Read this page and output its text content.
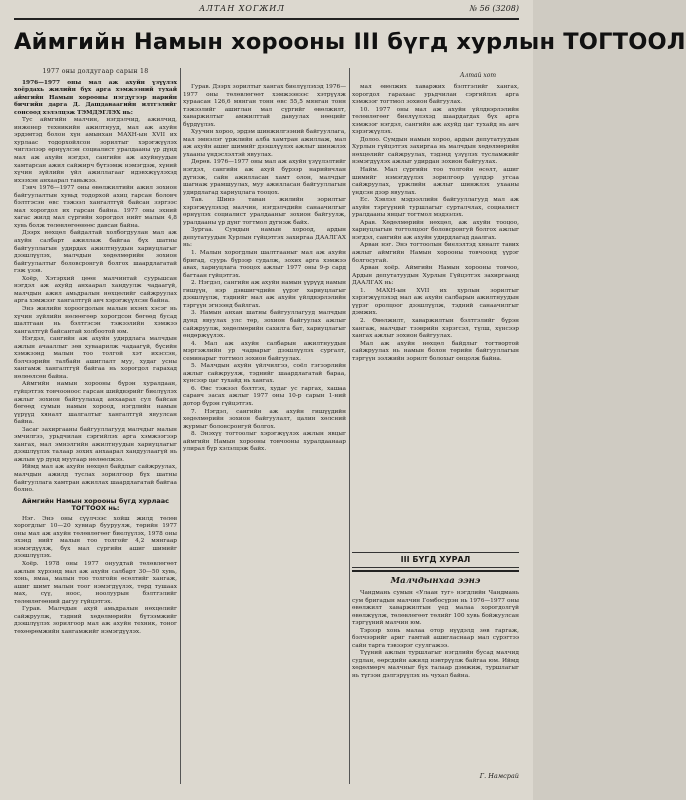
АЛТАН ХОГЖИЛ	№ 56 (3208)
Аймгийн Намын хорооны III бүгд хурлын ТОГТООЛ
Алтай хот
1977 оны долдугаар сарын 18

1976—1977 оны мал аж ахуйн үзүүлэх хоёрдахь жилийн бүх арга хэмжээний тухай аймгийн Намын хорооны нэгдүгээр нарийн бичгийн дарга Д. Дашдаваагийн илтгэлийг сонсоод хэлэлцэж ТЭМДЭГЛЭХ нь:

Тус аймгийн малчин, нэгдэлчид, ажилчид, инженер техникийн ажилтнууд, мал аж ахуйн эрдэмтэд болон хүн амынхан МАХН-ын XVII их хурлаас тодорхойлсон зорилтыг хэрэгжүүлэх чиглэлээр өрнүүлсэн социалист уралдааны үр дүнд мал аж ахуйн нэгдэл, сангийн аж ахуйнуудын хамтарсан ажил сайжирч бүтээмж нэмэгдэж, хүний хүчин зүйлийн үйл ажиллагааг идэвхжүүлэхэд ихээхэн анхаарал тавьжээ.

Гэвч 1976—1977 оны өвөлжилтийн ажил зохион байгуулалтын хувьд тодорхой ахиц гарсан боловч бэлтгэсэн өвс тэжээл хангалтгүй байсан зэргээс мал хорогдол их гарсан байна. 1977 оны эхний хагас жилд мал сүргийн хорогдол нийт малын 4,8 хувь болж төлөвлөгөөнөөс давсан байна.

Дээрх нөхцөл байдалтай холбогдуулан мал аж ахуйн салбарт ажиллаж байгаа бүх шатны байгууллагын удирдах ажилтнуудын хариуцлагыг дээшлүүлэх, малчдын хөдөлмөрийн зохион байгуулалтыг боловсронгуй болгох шаардлагатай гэж үзэв.

Хоёр, Хэтэрхий цөөн малчинтай суурьшсан нэгдэл аж ахуйд анхаарал хандуулж чадаагүй, малчдын ажил амьдралын нөхцөлийг сайжруулах арга хэмжээг хангалтгүй авч хэрэгжүүлсэн байна.

Энэ жилийн хороогдолын малын ихэнх хэсэг нь хүчин зүйлийн нөлөөгөөр хорогдсон бөгөөд бусад шалтгаан нь бэлтгэсэн тэжээлийн хэмжээ хангалтгүй байсантай холбоотой юм.

Нэгдэл, сангийн аж ахуйн удирдлага малчдын ажлын ачааллыг зөв хуваарилж чадаагүй, бүсийн хэмжээнд малын тоо толгой хэт ихэссэн, бэлчээрийн талбайн ашиглалт муу, худаг усны хангамж хангалтгүй байгаа нь хорогдол гарахад нөлөөлсөн байна.

Аймгийн намын хорооны бүрэн хуралдаан, гүйцэтгэх товчооноос гарсан шийдвэрийг биелүүлэх ажлыг зохион байгуулахад анхаарал сул байсан бөгөөд сумын намын хороод, нэгдлийн намын үүрүүд хяналт шалгалтыг хангалтгүй явуулсан байна.

Засаг захиргааны байгууллагууд малчдыг малын эмчилгээ, урьдчилан сэргийлэх арга хэмжээгээр хангах, мал эмнэлгийн ажилтнуудын хариуцлагыг дээшлүүлэх талаар зохих анхаарал хандуулаагүй нь ажлын үр дүнд муугаар нөлөөлжээ.

Иймд мал аж ахуйн нөхцөл байдлыг сайжруулах, малчдын ажилд туслах зорилгоор бүх шатны байгууллага хамтран ажиллах шаардлагатай байгаа болно.

Аймгийн Намын хорооны бүгд хурлаас ТОГТООХ нь:

Нэг. Энэ оны сүүлчээс хойш жилд төлөв хорогдлыг 10—20 хувиар бууруулж, төрийн 1977 оны мал аж ахуйн төлөвлөгөөг биелүүлэх, 1978 оны эхэнд нийт малын тоо толгойг 4,2 мянгаар нэмэгдүүлж, бүх мал сүргийн ашиг шимийг дээшлүүлэх.

Хоёр. 1978 оны 1977 онуудтай төлөвлөгөөт ажлын хүрээнд мал аж ахуйн салбарт 30—50 хувь, хонь, ямаа, малын тоо толгойн өсөлтийг хангаж, ашиг шимт малын тоог нэмэгдүүлэх, төрд тушаах мах, сүү, ноос, ноолуурын бэлтгэлийг төлөвлөгөөний дагуу гүйцэтгэх.

Гурав. Малчдын ахуй амьдралын нөхцөлийг сайжруулж, тэдний хөдөлмөрийн бүтээмжийг дээшлүүлэх зорилгоор мал аж ахуйн техник, тоног төхөөрөмжийн хангамжийг нэмэгдүүлэх.

Гурав. Дээрх зорилтыг хангах биелүүлэхэд 1976—1977 оны төлөвлөгөөт хэмжээнээс хэтрүүлж хураасан 126,6 мянган тонн өвс 55,5 мянган тонн тэжээлийг ашиглан мал сүргийг өвөлжилт, хаваржилтыг амжилттай давуулах нөөцийг бүрдүүлэх.

Хуучин хороо, эрдэм шинжилгээний байгууллага, мал эмнэлэг үржлийн алба хамтран ажиллаж, мал аж ахуйн ашиг шимийг дээшлүүлэх ажлыг шинжлэх ухааны үндэслэлтэй явуулах.

Дөрөв. 1976—1977 оны мал аж ахуйн үзүүлэлтийг нэгдэл, сангийн аж ахуй бүрээр нарийвчлан дүгнэж, сайн ажилласан хамт олон, малчдыг шагнаж урамшуулах, муу ажилласан байгууллагын удирдлагад хариуцлага тооцох.

Тав. Шинэ таван жилийн зорилтыг хэрэгжүүлэхэд малчин, нэгдэлчдийн санаачилгыг өрнүүлэх социалист уралдааныг зохион байгуулж, уралдааны үр дүнг тогтмол дүгнэж байх.

Зургаа. Сумдын намын хороод, ардын депутатуудын Хурлын гүйцэтгэх захиргаа ДААЛГАХ нь:

1. Малын хорогдлын шалтгааныг мал аж ахуйн бригад, суурь бүрээр судалж, зохих арга хэмжээ авах, хариуцлага тооцох ажлыг 1977 оны 9-р сард багтаан гүйцэтгэх.

2. Нэгдэл, сангийн аж ахуйн намын үүрүүд намын гишүүн, нэр дэвшигчдийн үүрэг хариуцлагыг дээшлүүлж, тэднийг мал аж ахуйн үйлдвэрлэлийн тэргүүн эгнээнд байлгах.

3. Намын анхан шатны байгууллагууд малчдын дунд явуулах улс төр, зохион байгуулах ажлыг сайжруулж, хөдөлмөрийн сахилга бат, хариуцлагыг өндөржүүлэх.

4. Мал аж ахуйн салбарын ажилтнуудын мэргэжлийн ур чадварыг дээшлүүлэх сургалт, семинарыг тогтмол зохион байгуулах.

5. Малчдын ахуйн үйлчилгээ, соёл гэгээрлийн ажлыг сайжруулж, тэднийг шаардлагатай бараа, хүнсээр цаг тухайд нь хангах.

6. Өвс тэжээл бэлтгэх, худаг ус гаргах, хашаа саравч засах ажлыг 1977 оны 10-р сарын 1-ний дотор бүрэн гүйцэтгэх.

7. Нэгдэл, сангийн аж ахуйн гишүүдийн хөдөлмөрийн зохион байгуулалт, цалин хөлсний журмыг боловсронгуй болгох.

8. Энэхүү тогтоолыг хэрэгжүүлэх ажлын явцыг аймгийн Намын хорооны товчооны хуралдаанаар улирал бүр хэлэлцэж байх.

мал өвөлжих хаваржих бэлтгэлийг хангах, хорогдол гарахаас урьдчилан сэргийлэх арга хэмжээг тогтмол зохион байгуулах.

10. 1977 оны мал аж ахуйн үйлдвэрлэлийн төлөвлөгөөг биелүүлэхэд шаардагдах бүх арга хэмжээг нэгдэл, сангийн аж ахуйд цаг тухайд нь авч хэрэгжүүлэх.

Долоо. Сумдын намын хороо, ардын депутатуудын Хурлын гүйцэтгэх захиргаа нь малчдын хөдөлмөрийн нөхцөлийг сайжруулах, тэдэнд үзүүлэх тусламжийг нэмэгдүүлэх ажлыг удирдан зохион байгуулах.

Найм. Мал сүргийн тоо толгойн өсөлт, ашиг шимийг нэмэгдүүлэх зорилгоор үүлдэр угсаа сайжруулах, үржлийн ажлыг шинжлэх ухааны үндсэн дээр явуулах.

Ес. Хэвлэл мэдээллийн байгууллагууд мал аж ахуйн тэргүүний туршлагыг сурталчлах, социалист уралдааны явцыг тогтмол мэдээлэх.

Арав. Хөдөлмөрийн нөхцөл, аж ахуйн тооцоо, хариуцлагын тогтолцоог боловсронгуй болгох ажлыг нэгдэл, сангийн аж ахуйн удирдлагад даалгах.

Арван нэг. Энэ тогтоолын биелэлтэд хяналт тавих ажлыг аймгийн Намын хорооны товчоонд үүрэг болгосугай.

Арван хоёр. Аймгийн Намын хорооны товчоо, Ардын депутатуудын Хурлын Гүйцэтгэх захиргаанд ДААЛГАХ нь:

1. МАХН-ын XVII их хурлын зорилтыг хэрэгжүүлэхэд мал аж ахуйн салбарын ажилтнуудын үүрэг оролцоог дээшлүүлж, тэдний санаачилгыг дэмжих.

2. Өвөлжилт, хаваржилтын бэлтгэлийг бүрэн хангаж, малчдыг тээврийн хэрэгсэл, түлш, хүнсээр хангах ажлыг зохион байгуулах.

Мал аж ахуйн нөхцөл байдлыг тогтвортой сайжруулах нь намын болон төрийн байгууллагын тэргүүн ээлжийн зорилт болохыг онцолж байна.

III БҮГД ХУРАЛ
Малчдынхаа ээнэ

Чандмань сумын «Улаан туг» нэгдлийн Чандмань сум бригадын малчин Гомбосүрэн нь 1976—1977 оны өвөлжилт хаваржилтын үед малаа хорогдолгүй өвөлжүүлж, төлөвлөгөөт төлийг 100 хувь бойжуулсан тэргүүний малчин юм.

Тэрээр хонь малаа отор нүүдэлд зөв гаргаж, бэлчээрийг ариг гамтай ашигласнаар мал сүрэгтээ сайн тарга тэвээрэг суулгажээ.

Түүний ажлын туршлагыг нэгдлийн бусад малчид судлан, өөрсдийн ажилд нэвтрүүлж байгаа юм. Иймд хөдөлмөрч малчныг бүх талаар дэмжиж, туршлагыг нь түгээн дэлгэрүүлэх нь чухал байна.

Г. Намсрай
